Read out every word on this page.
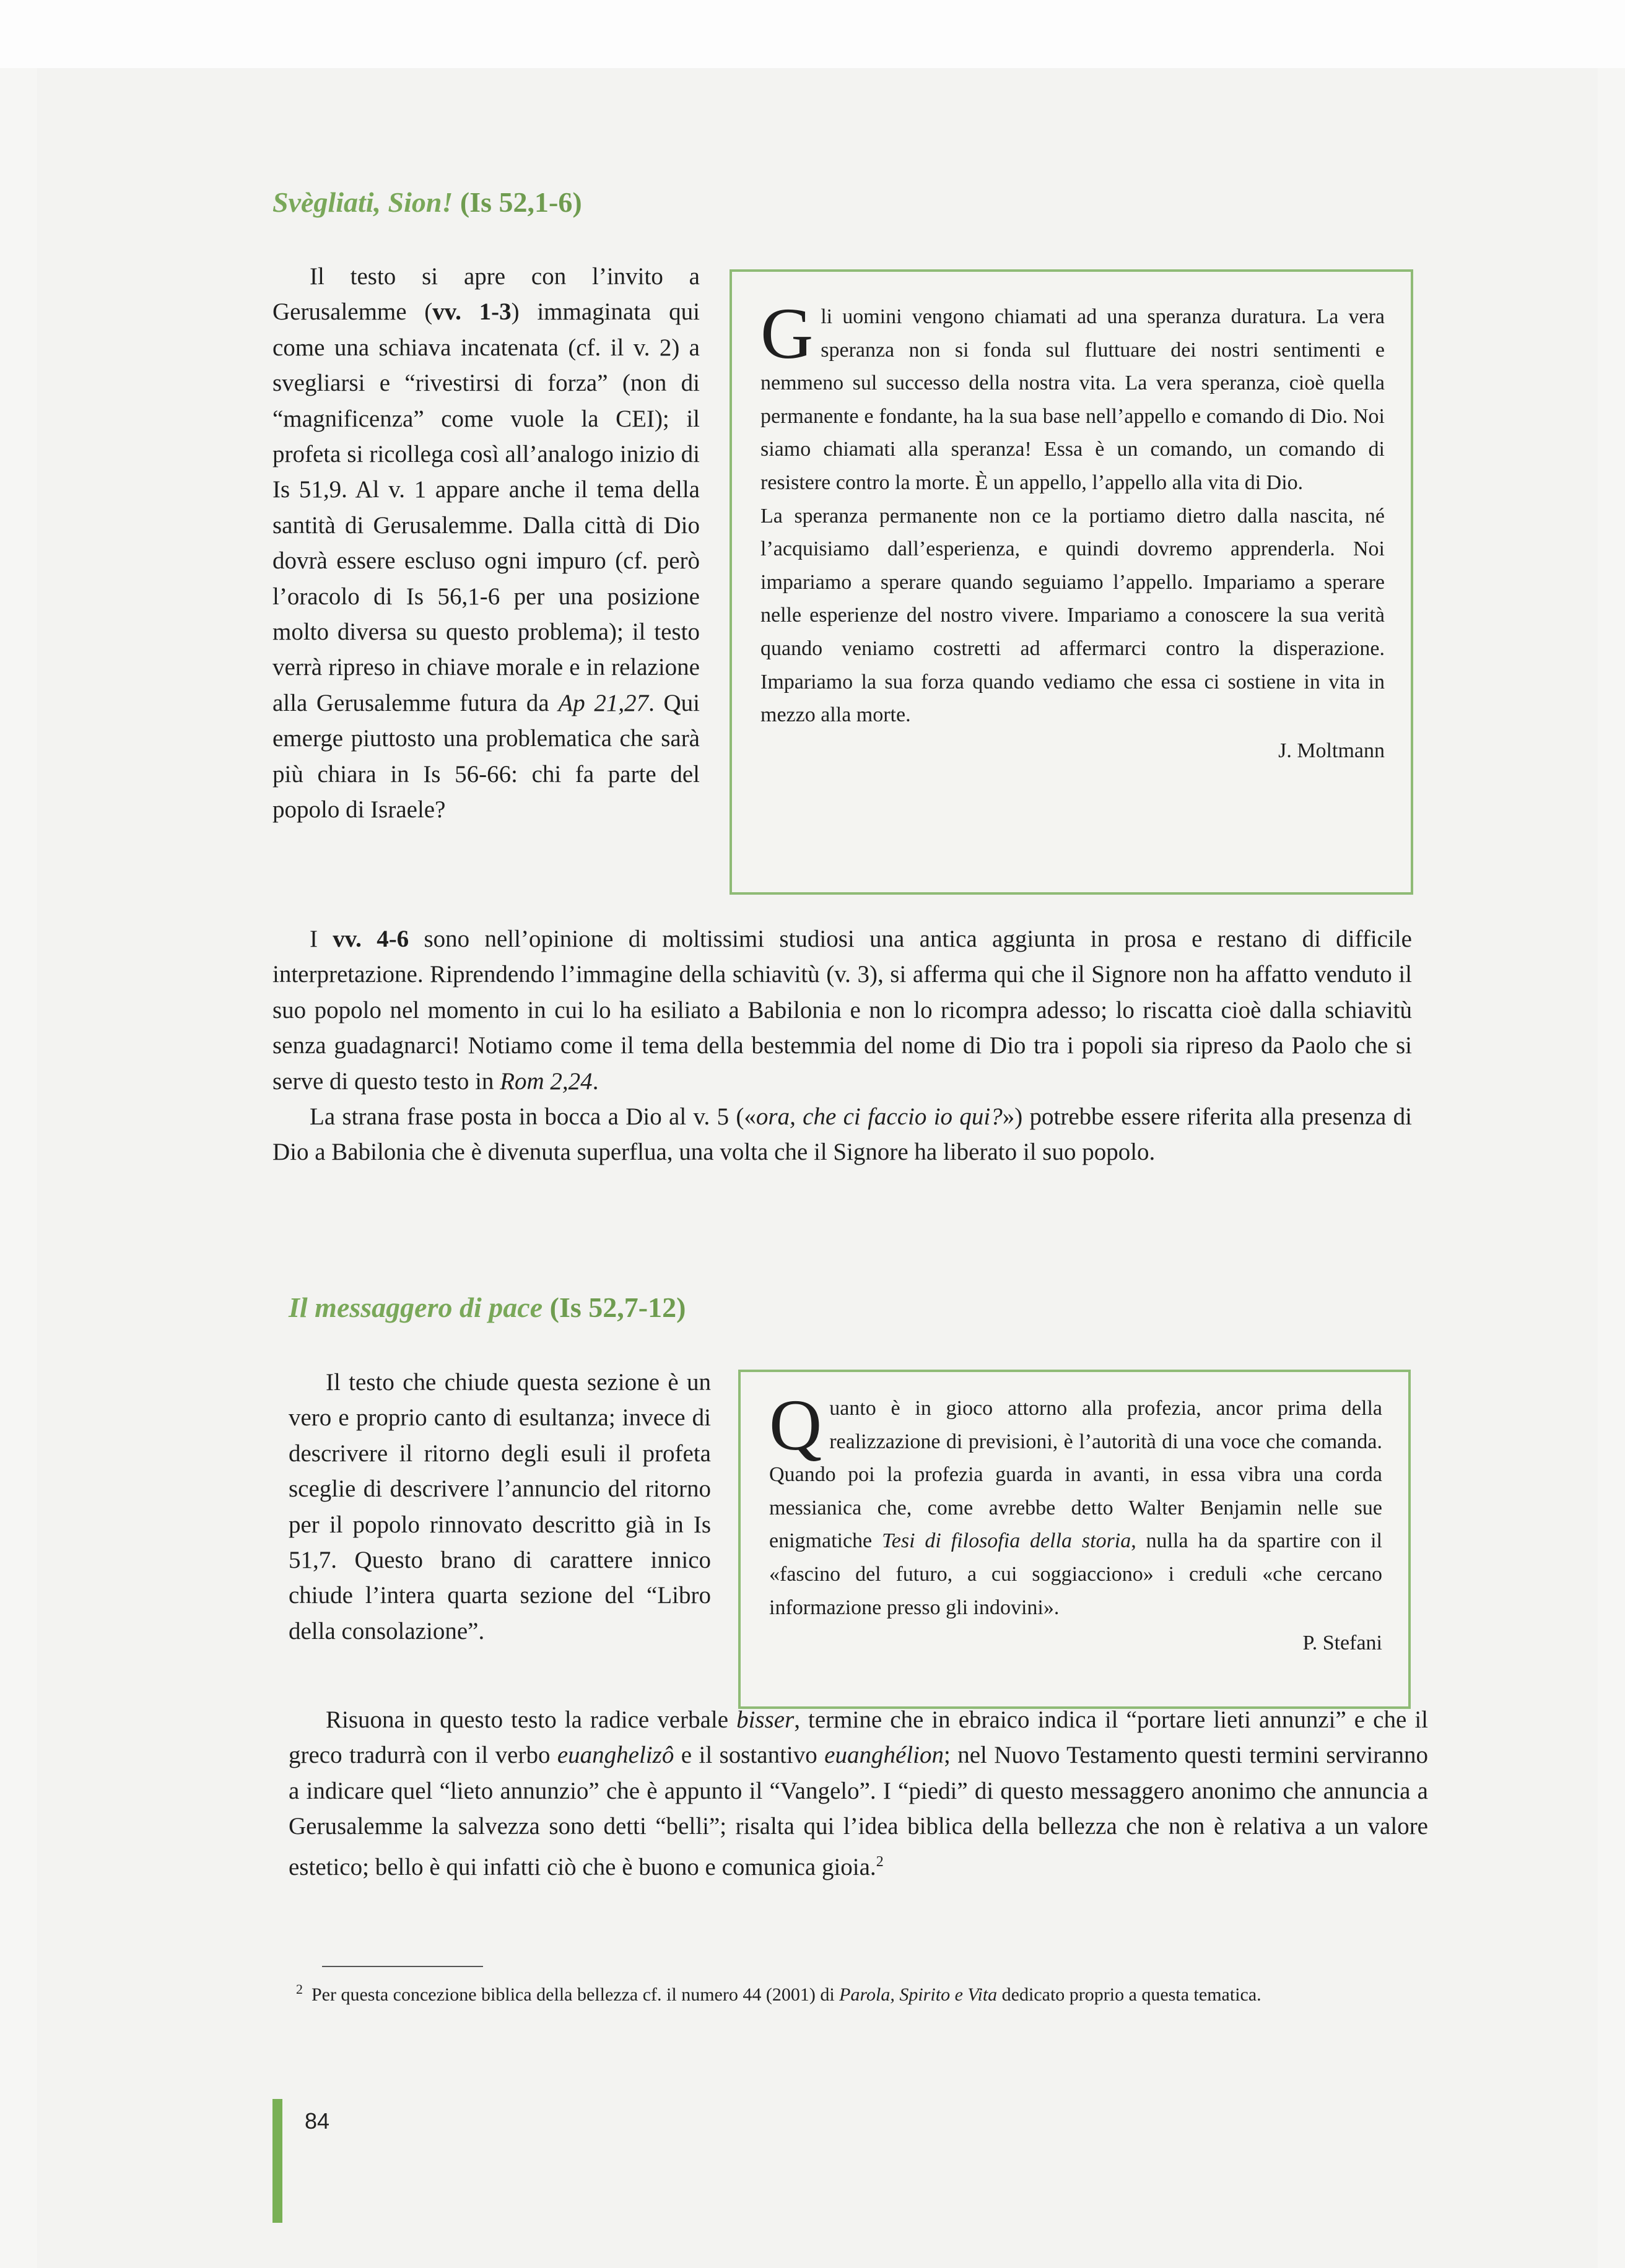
Svègliati, Sion! (Is 52,1-6)

Il testo si apre con l’invito a Gerusalemme (vv. 1-3) immaginata qui come una schiava incatenata (cf. il v. 2) a svegliarsi e “rivestirsi di forza” (non di “magnificenza” come vuole la CEI); il profeta si ricollega così all’analogo inizio di Is 51,9. Al v. 1 appare anche il tema della santità di Gerusalemme. Dalla città di Dio dovrà essere escluso ogni impuro (cf. però l’oracolo di Is 56,1-6 per una posizione molto diversa su questo problema); il testo verrà ripreso in chiave morale e in relazione alla Gerusalemme futura da Ap 21,27. Qui emerge piuttosto una problematica che sarà più chiara in Is 56-66: chi fa parte del popolo di Israele?

Gli uomini vengono chiamati ad una speranza duratura. La vera speranza non si fonda sul fluttuare dei nostri sentimenti e nemmeno sul successo della nostra vita. La vera speranza, cioè quella permanente e fondante, ha la sua base nell’appello e comando di Dio. Noi siamo chiamati alla speranza! Essa è un comando, un comando di resistere contro la morte. È un appello, l’appello alla vita di Dio.

La speranza permanente non ce la portiamo dietro dalla nascita, né l’acquisiamo dall’esperienza, e quindi dovremo apprenderla. Noi impariamo a sperare quando seguiamo l’appello. Impariamo a sperare nelle esperienze del nostro vivere. Impariamo a conoscere la sua verità quando veniamo costretti ad affermarci contro la disperazione. Impariamo la sua forza quando vediamo che essa ci sostiene in vita in mezzo alla morte.

J. Moltmann

I vv. 4-6 sono nell’opinione di moltissimi studiosi una antica aggiunta in prosa e restano di difficile interpretazione. Riprendendo l’immagine della schiavitù (v. 3), si afferma qui che il Signore non ha affatto venduto il suo popolo nel momento in cui lo ha esiliato a Babilonia e non lo ricompra adesso; lo riscatta cioè dalla schiavitù senza guadagnarci! Notiamo come il tema della bestemmia del nome di Dio tra i popoli sia ripreso da Paolo che si serve di questo testo in Rom 2,24.

La strana frase posta in bocca a Dio al v. 5 («ora, che ci faccio io qui?») potrebbe essere riferita alla presenza di Dio a Babilonia che è divenuta superflua, una volta che il Signore ha liberato il suo popolo.

Il messaggero di pace (Is 52,7-12)

Il testo che chiude questa sezione è un vero e proprio canto di esultanza; invece di descrivere il ritorno degli esuli il profeta sceglie di descrivere l’annuncio del ritorno per il popolo rinnovato descritto già in Is 51,7. Questo brano di carattere innico chiude l’intera quarta sezione del “Libro della consolazione”.

Quanto è in gioco attorno alla profezia, ancor prima della realizzazione di previsioni, è l’autorità di una voce che comanda. Quando poi la profezia guarda in avanti, in essa vibra una corda messianica che, come avrebbe detto Walter Benjamin nelle sue enigmatiche Tesi di filosofia della storia, nulla ha da spartire con il «fascino del futuro, a cui soggiacciono» i creduli «che cercano informazione presso gli indovini».

P. Stefani

Risuona in questo testo la radice verbale bisser, termine che in ebraico indica il “portare lieti annunzi” e che il greco tradurrà con il verbo euanghelizô e il sostantivo euanghélion; nel Nuovo Testamento questi termini serviranno a indicare quel “lieto annunzio” che è appunto il “Vangelo”. I “piedi” di questo messaggero anonimo che annuncia a Gerusalemme la salvezza sono detti “belli”; risalta qui l’idea biblica della bellezza che non è relativa a un valore estetico; bello è qui infatti ciò che è buono e comunica gioia.$^2$

$^2$ Per questa concezione biblica della bellezza cf. il numero 44 (2001) di Parola, Spirito e Vita dedicato proprio a questa tematica.

84
